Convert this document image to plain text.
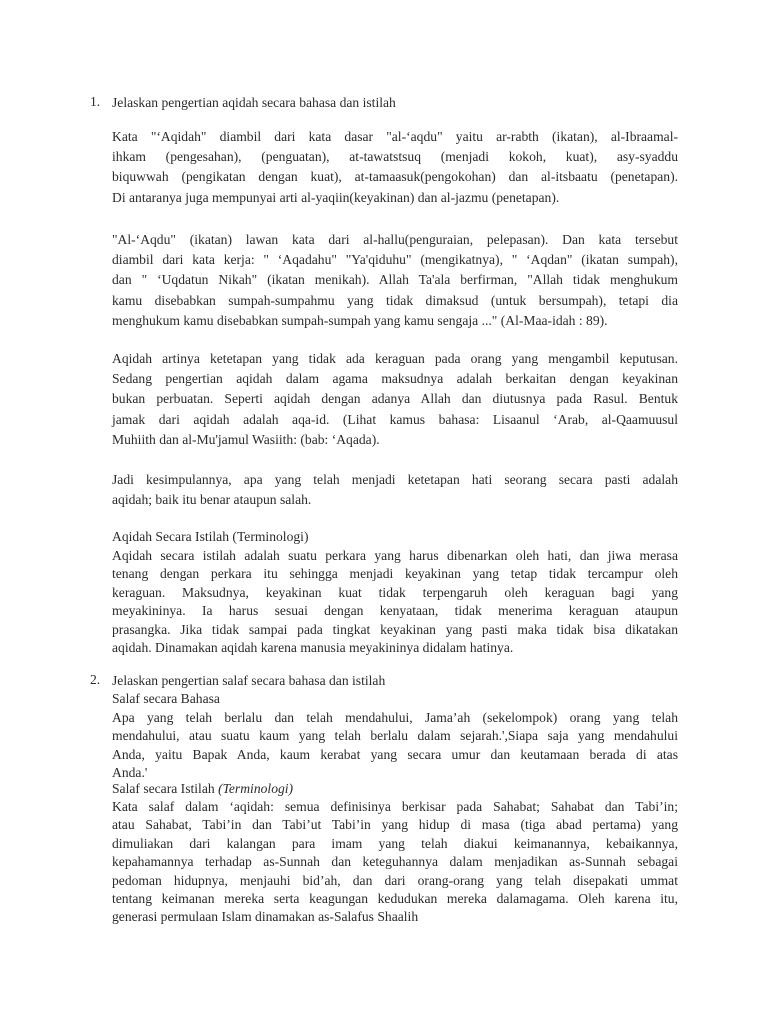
1. Jelaskan pengertian aqidah secara bahasa dan istilah

Kata "‘Aqidah" diambil dari kata dasar "al-‘aqdu" yaitu ar-rabth (ikatan), al-Ibraamal-
ihkam (pengesahan), (penguatan), at-tawatstsuq (menjadi kokoh, kuat), asy-syaddu
biquwwah (pengikatan dengan kuat), at-tamaasuk(pengokohan) dan al-itsbaatu (penetapan).
Di antaranya juga mempunyai arti al-yaqiin(keyakinan) dan al-jazmu (penetapan).
"Al-‘Aqdu" (ikatan) lawan kata dari al-hallu(penguraian, pelepasan). Dan kata tersebut
diambil dari kata kerja: " ‘Aqadahu" "Ya'qiduhu" (mengikatnya), " ‘Aqdan" (ikatan sumpah),
dan " ‘Uqdatun Nikah" (ikatan menikah). Allah Ta'ala berfirman, "Allah tidak menghukum
kamu disebabkan sumpah-sumpahmu yang tidak dimaksud (untuk bersumpah), tetapi dia
menghukum kamu disebabkan sumpah-sumpah yang kamu sengaja ..." (Al-Maa-idah : 89).
Aqidah artinya ketetapan yang tidak ada keraguan pada orang yang mengambil keputusan.
Sedang pengertian aqidah dalam agama maksudnya adalah berkaitan dengan keyakinan
bukan perbuatan. Seperti aqidah dengan adanya Allah dan diutusnya pada Rasul. Bentuk
jamak dari aqidah adalah aqa-id. (Lihat kamus bahasa: Lisaanul ‘Arab, al-Qaamuusul
Muhiith dan al-Mu'jamul Wasiith: (bab: ‘Aqada).
Jadi kesimpulannya, apa yang telah menjadi ketetapan hati seorang secara pasti adalah
aqidah; baik itu benar ataupun salah.

Aqidah Secara Istilah (Terminologi)

Aqidah secara istilah adalah suatu perkara yang harus dibenarkan oleh hati, dan jiwa merasa
tenang dengan perkara itu sehingga menjadi keyakinan yang tetap tidak tercampur oleh
keraguan. Maksudnya, keyakinan kuat tidak terpengaruh oleh keraguan bagi yang
meyakininya. Ia harus sesuai dengan kenyataan, tidak menerima keraguan ataupun
prasangka. Jika tidak sampai pada tingkat keyakinan yang pasti maka tidak bisa dikatakan
aqidah. Dinamakan aqidah karena manusia meyakininya didalam hatinya.
2. Jelaskan pengertian salaf secara bahasa dan istilah

Salaf secara Bahasa

Apa yang telah berlalu dan telah mendahului, Jama’ah (sekelompok) orang yang telah
mendahului, atau suatu kaum yang telah berlalu dalam sejarah.',Siapa saja yang mendahului
Anda, yaitu Bapak Anda, kaum kerabat yang secara umur dan keutamaan berada di atas
Anda.'

Salaf secara Istilah (Terminologi)

Kata salaf dalam ‘aqidah: semua definisinya berkisar pada Sahabat; Sahabat dan Tabi’in;
atau Sahabat, Tabi’in dan Tabi’ut Tabi’in yang hidup di masa (tiga abad pertama) yang
dimuliakan dari kalangan para imam yang telah diakui keimanannya, kebaikannya,
kepahamannya terhadap as-Sunnah dan keteguhannya dalam menjadikan as-Sunnah sebagai
pedoman hidupnya, menjauhi bid’ah, dan dari orang-orang yang telah disepakati ummat
tentang keimanan mereka serta keagungan kedudukan mereka dalamagama. Oleh karena itu,
generasi permulaan Islam dinamakan as-Salafus Shaalih
